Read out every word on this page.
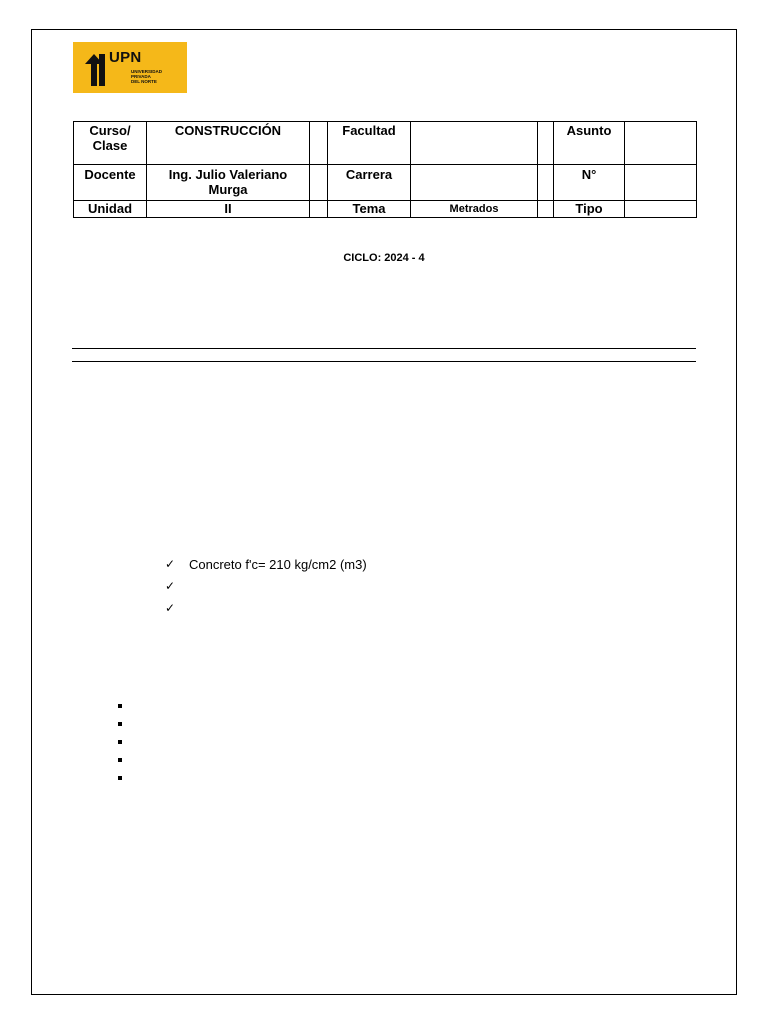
UPN
UNIVERSIDAD
PRIVADA
DEL NORTE
Curso/ Clase	CONSTRUCCIÓN		Facultad			Asunto	
Docente	Ing. Julio Valeriano Murga		Carrera			N°	
Unidad	II		Tema	Metrados		Tipo	
CICLO: 2024 - 4
✓	Concreto f'c= 210 kg/cm2 (m3)
✓
✓
